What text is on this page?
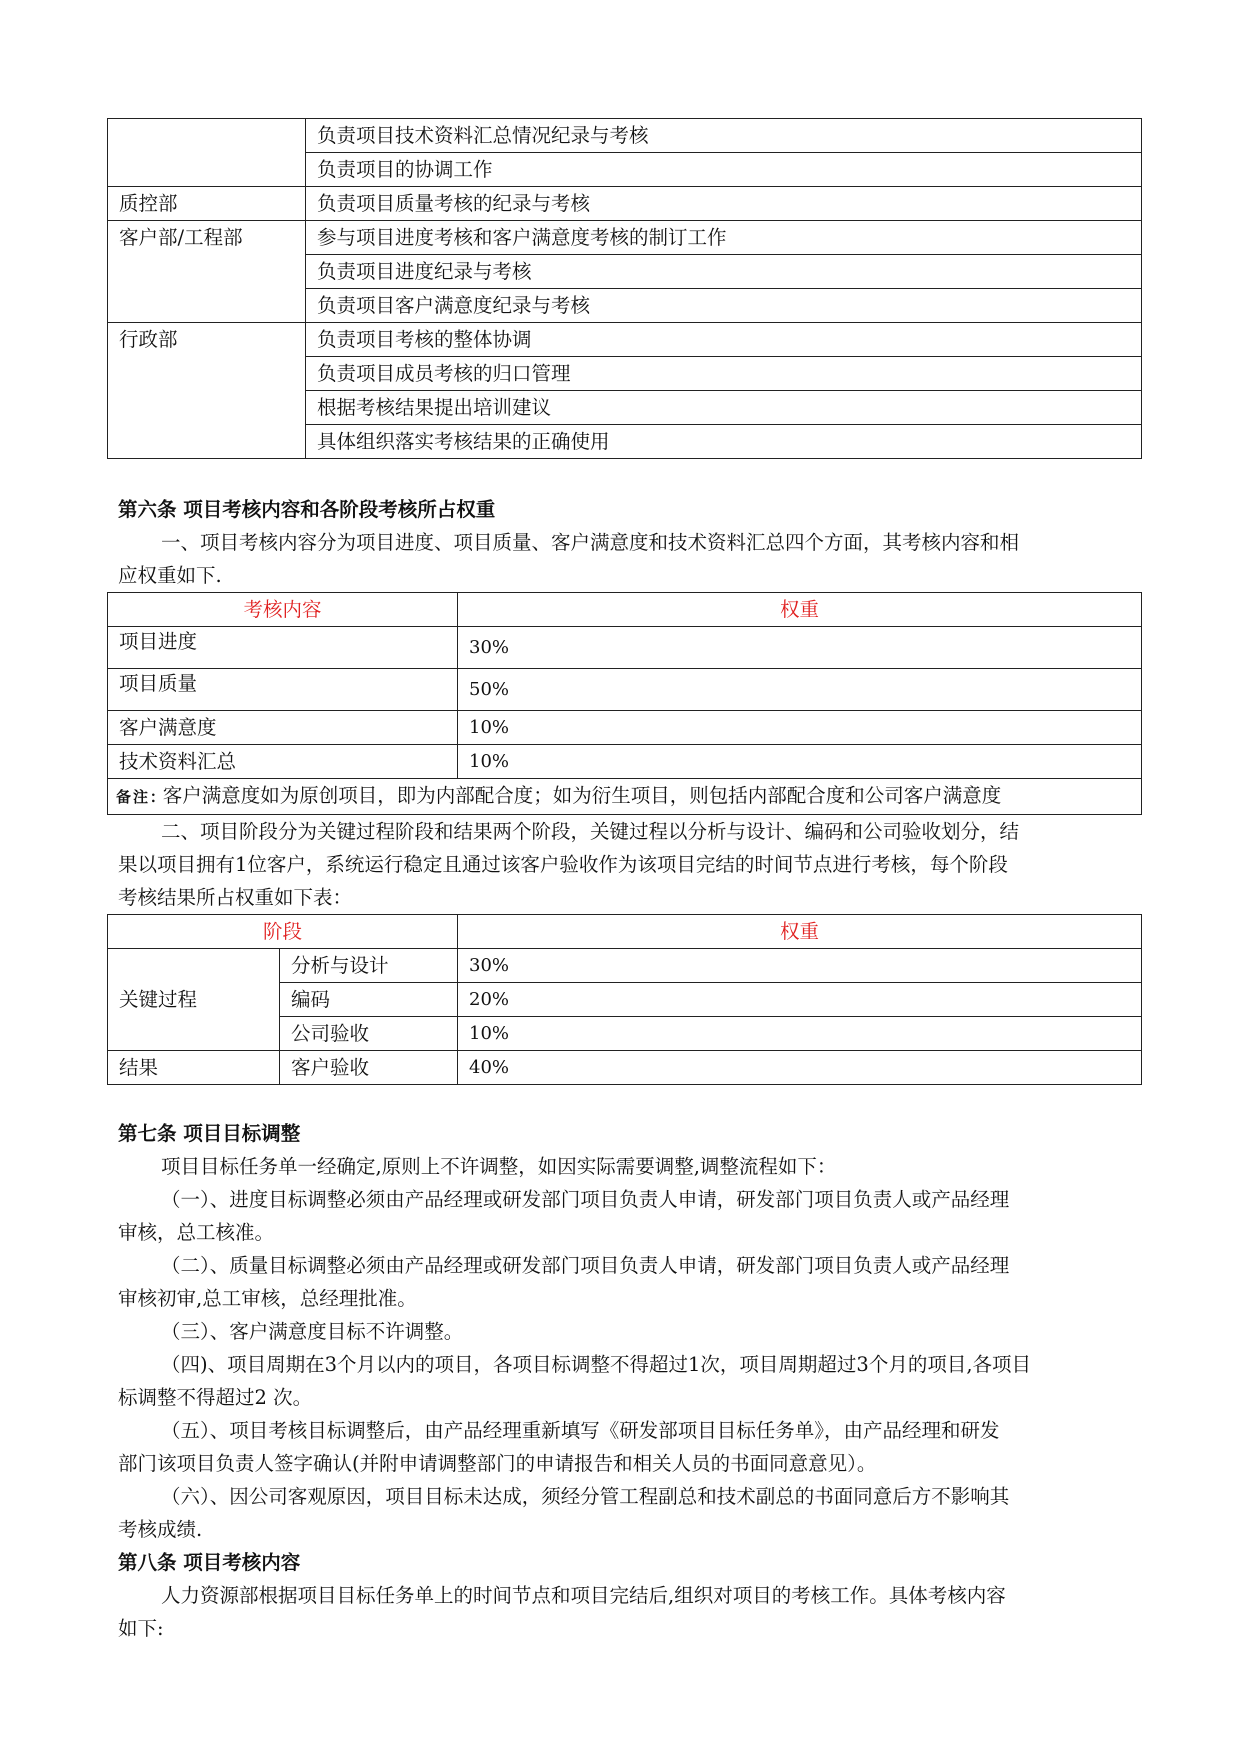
	负责项目技术资料汇总情况纪录与考核
	负责项目的协调工作
质控部	负责项目质量考核的纪录与考核
客户部/工程部	参与项目进度考核和客户满意度考核的制订工作
	负责项目进度纪录与考核
	负责项目客户满意度纪录与考核
行政部	负责项目考核的整体协调
	负责项目成员考核的归口管理
	根据考核结果提出培训建议
	具体组织落实考核结果的正确使用
第六条 项目考核内容和各阶段考核所占权重

一、项目考核内容分为项目进度、项目质量、客户满意度和技术资料汇总四个方面，其考核内容和相

应权重如下.

考核内容	权重
项目进度	30%
项目质量	50%
客户满意度	10%
技术资料汇总	10%
备注: 客户满意度如为原创项目，即为内部配合度；如为衍生项目，则包括内部配合度和公司客户满意度	

二、项目阶段分为关键过程阶段和结果两个阶段，关键过程以分析与设计、编码和公司验收划分，结

果以项目拥有1位客户，系统运行稳定且通过该客户验收作为该项目完结的时间节点进行考核，每个阶段

考核结果所占权重如下表：

阶段		权重
关键过程	分析与设计	30%
	编码	20%
	公司验收	10%
结果	客户验收	40%
第七条 项目目标调整

项目目标任务单一经确定,原则上不许调整，如因实际需要调整,调整流程如下：

（一）、进度目标调整必须由产品经理或研发部门项目负责人申请，研发部门项目负责人或产品经理

审核，总工核准。

（二）、质量目标调整必须由产品经理或研发部门项目负责人申请，研发部门项目负责人或产品经理

审核初审,总工审核，总经理批准。

（三）、客户满意度目标不许调整。

（四)、项目周期在3个月以内的项目，各项目标调整不得超过1次，项目周期超过3个月的项目,各项目

标调整不得超过2 次。

（五）、项目考核目标调整后，由产品经理重新填写《研发部项目目标任务单》，由产品经理和研发

部门该项目负责人签字确认(并附申请调整部门的申请报告和相关人员的书面同意意见）。

（六）、因公司客观原因，项目目标未达成，须经分管工程副总和技术副总的书面同意后方不影响其

考核成绩.

第八条 项目考核内容

人力资源部根据项目目标任务单上的时间节点和项目完结后,组织对项目的考核工作。具体考核内容

如下:
